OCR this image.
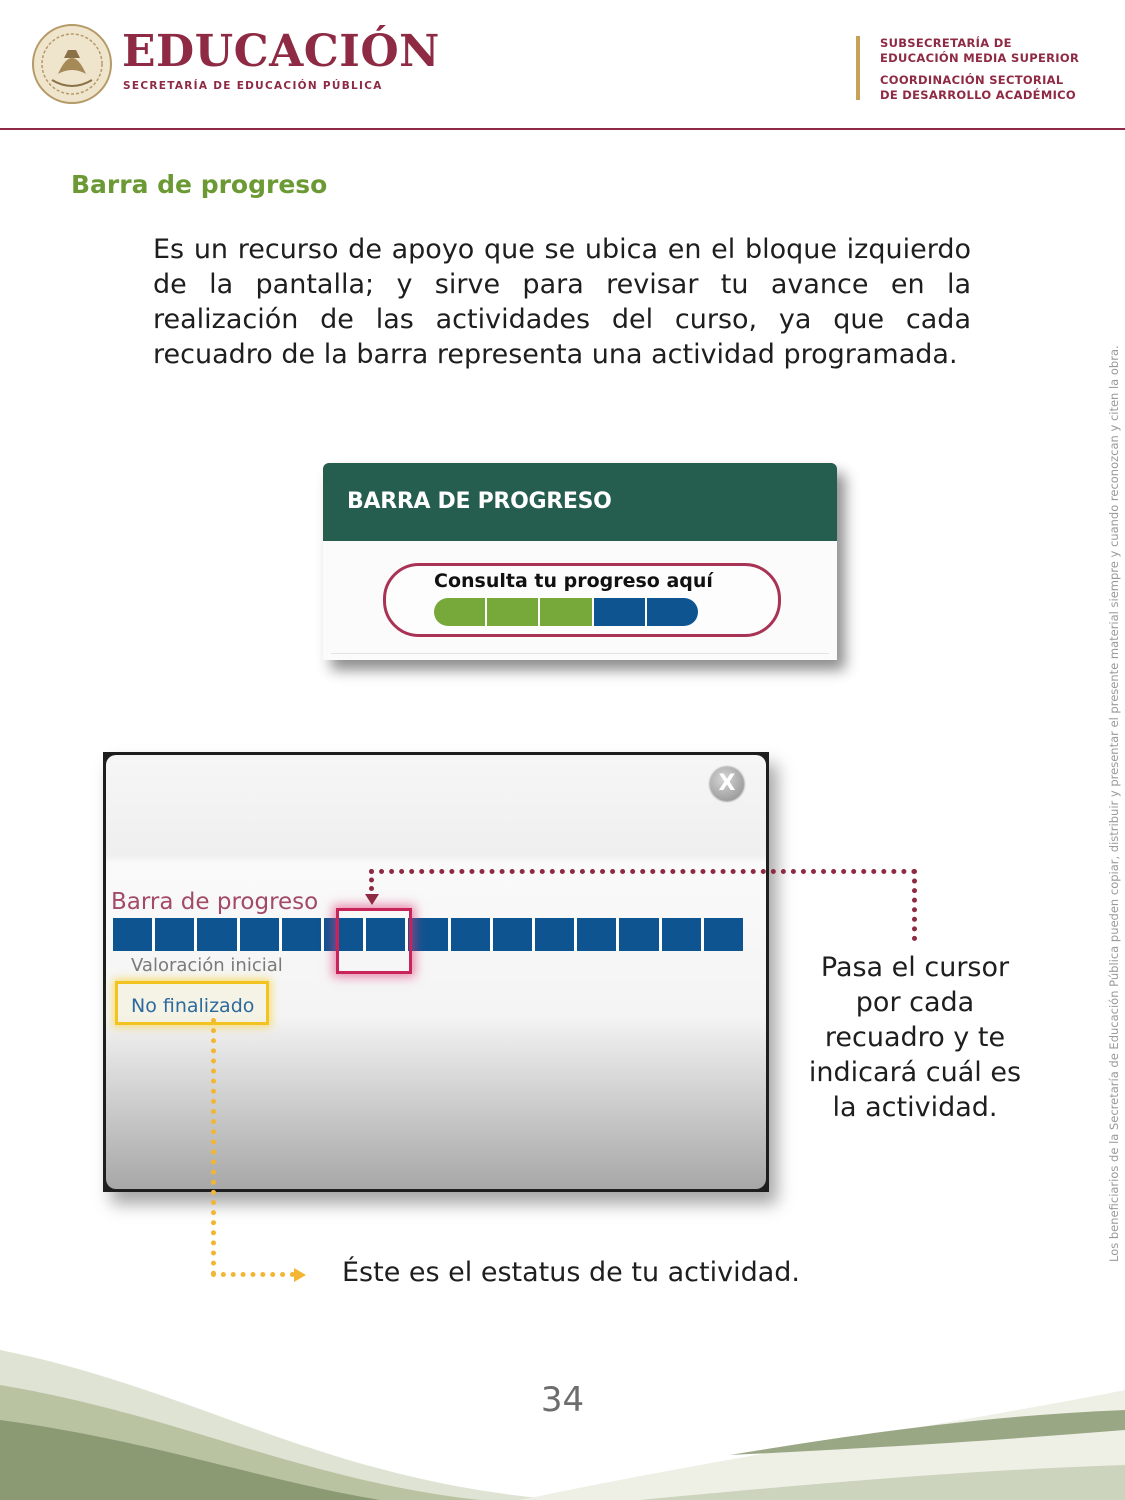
EDUCACIÓN
SECRETARÍA DE EDUCACIÓN PÚBLICA
SUBSECRETARÍA DE
EDUCACIÓN MEDIA SUPERIOR
COORDINACIÓN SECTORIAL
DE DESARROLLO ACADÉMICO
Barra de progreso
Es un recurso de apoyo que se ubica en el bloque izquierdo de la pantalla; y sirve para revisar tu avance en la realización de las actividades del curso, ya que cada recuadro de la barra representa una actividad programada.	Los beneficiarios de la Secretaría de Educación Pública pueden copiar, distribuir y presentar el presente material siempre y cuando reconozcan y citen la obra.
BARRA DE PROGRESO
Consulta tu progreso aquí
X
Barra de progreso
Valoración inicial
No finalizado
Pasa el cursor por cada recuadro y te indicará cuál es la actividad.
Éste es el estatus de tu actividad.
34
